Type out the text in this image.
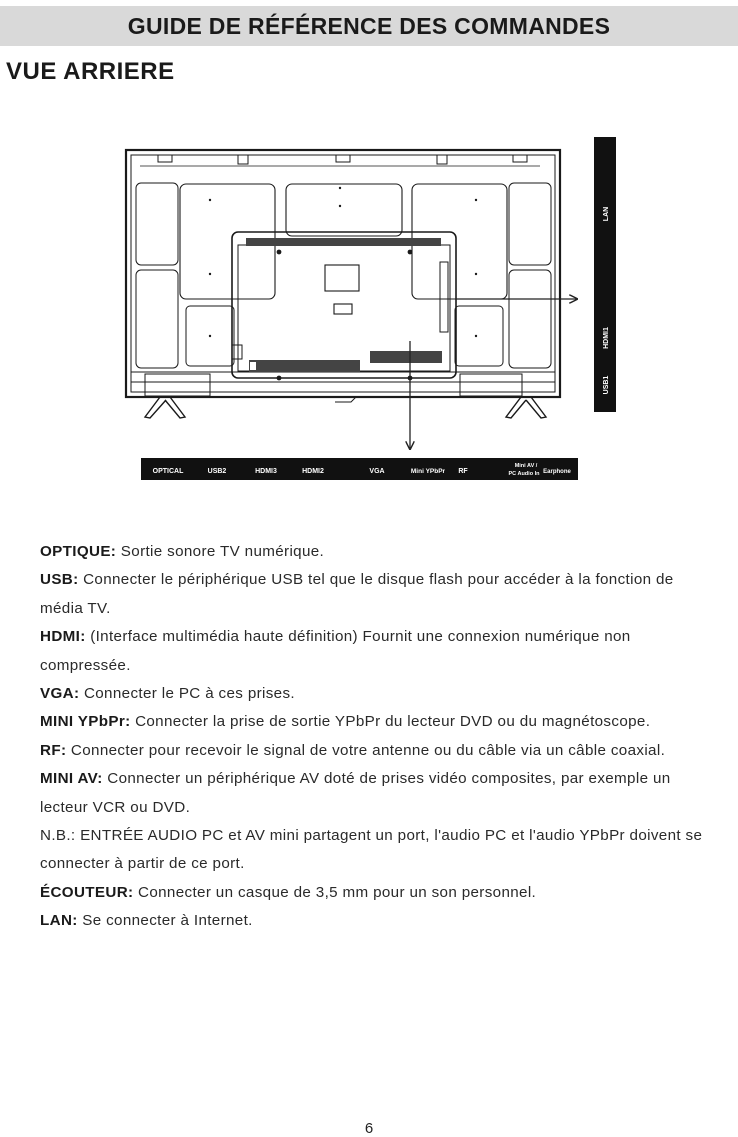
GUIDE DE RÉFÉRENCE DES COMMANDES
VUE ARRIERE
OPTICAL	USB2	HDMI3	HDMI2	VGA	Mini YPbPr RF
Mini AV /
PC Audio In Earphone
LAN
HDMI1
USB1

OPTIQUE: Sortie sonore TV numérique.

USB: Connecter le périphérique USB tel que le disque flash pour accéder à la fonction de média TV.

HDMI: (Interface multimédia haute définition) Fournit une connexion numérique non compressée.

VGA: Connecter le PC à ces prises.

MINI YPbPr: Connecter la prise de sortie YPbPr du lecteur DVD ou du magnétoscope.

RF: Connecter pour recevoir le signal de votre antenne ou du câble via un câble coaxial.

MINI AV: Connecter un périphérique AV doté de prises vidéo composites, par exemple un lecteur VCR ou DVD.

N.B.: ENTRÉE AUDIO PC et AV mini partagent un port, l'audio PC et l'audio YPbPr doivent se connecter à partir de ce port.

ÉCOUTEUR: Connecter un casque de 3,5 mm pour un son personnel.

LAN: Se connecter à Internet.

6
